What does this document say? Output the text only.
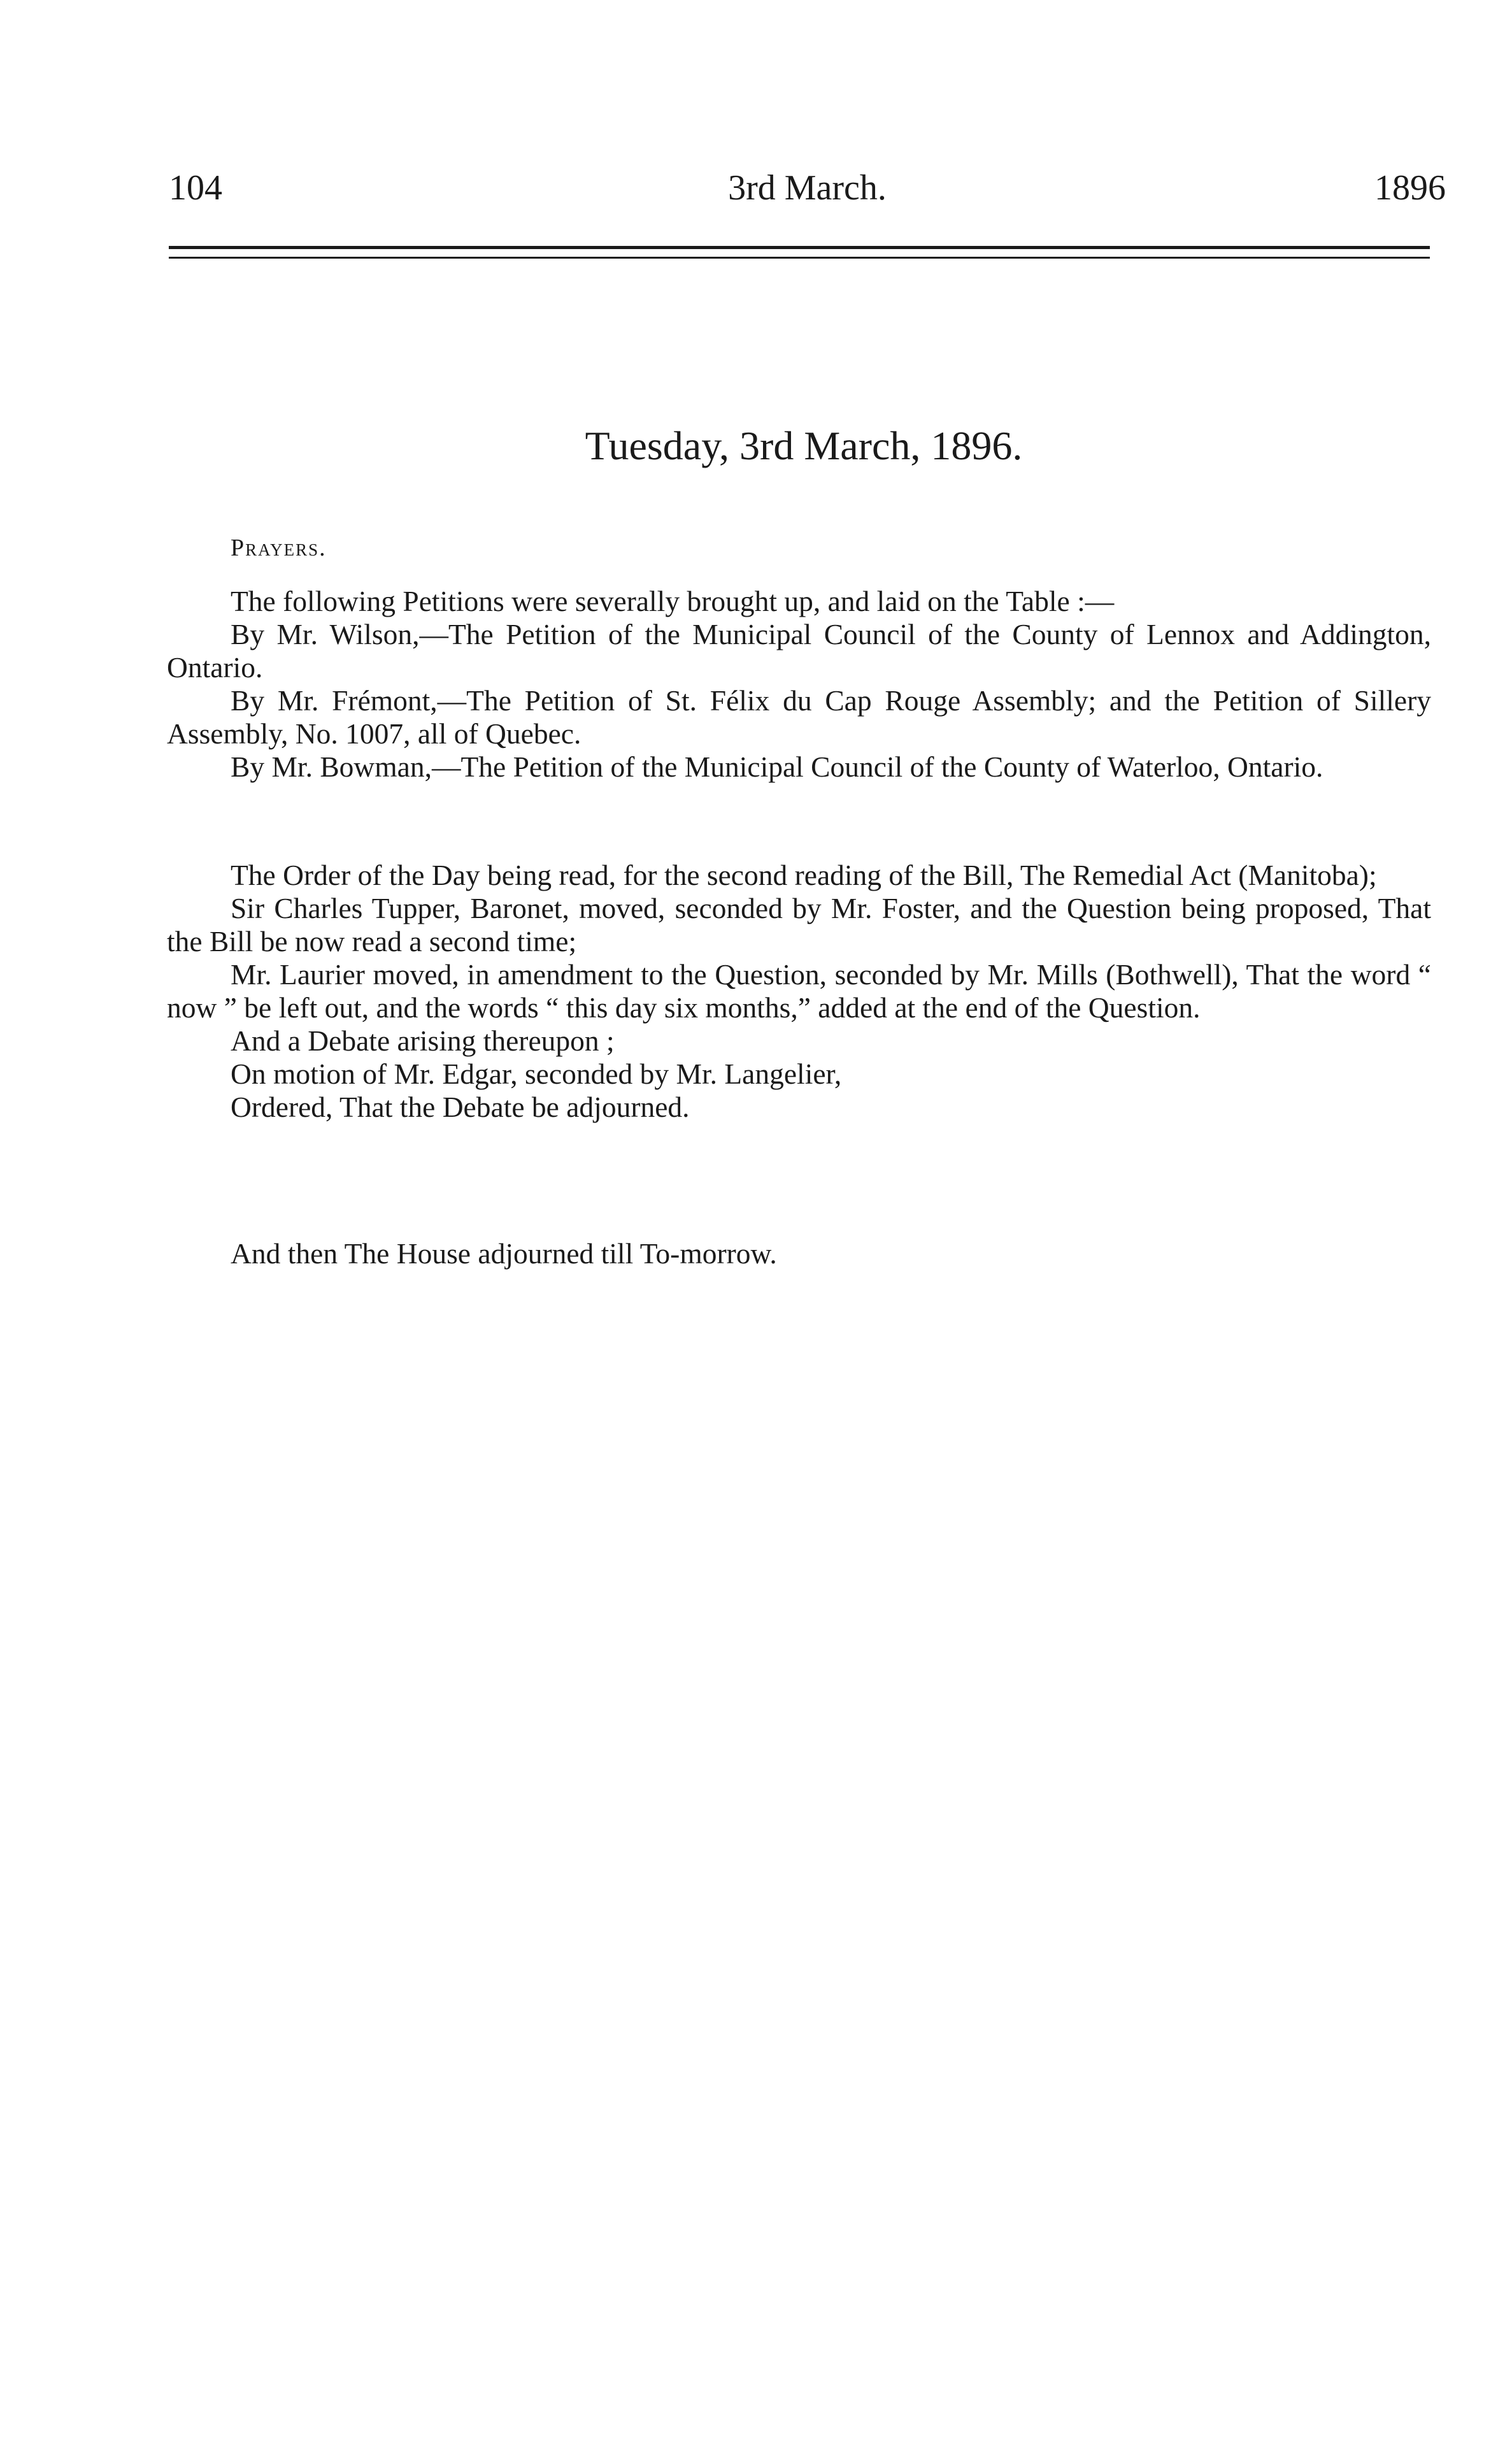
3rd March.
104	1896
Tuesday, 3rd March, 1896.
Prayers.

The following Petitions were severally brought up, and laid on the Table :—

By Mr. Wilson,—The Petition of the Municipal Council of the County of Lennox and Addington, Ontario.

By Mr. Frémont,—The Petition of St. Félix du Cap Rouge Assembly; and the Petition of Sillery Assembly, No. 1007, all of Quebec.

By Mr. Bowman,—The Petition of the Municipal Council of the County of Waterloo, Ontario.

The Order of the Day being read, for the second reading of the Bill, The Remedial Act (Manitoba);

Sir Charles Tupper, Baronet, moved, seconded by Mr. Foster, and the Question being proposed, That the Bill be now read a second time;

Mr. Laurier moved, in amendment to the Question, seconded by Mr. Mills (Bothwell), That the word “ now ” be left out, and the words “ this day six months,” added at the end of the Question.

And a Debate arising thereupon ;

On motion of Mr. Edgar, seconded by Mr. Langelier,

Ordered, That the Debate be adjourned.

And then The House adjourned till To-morrow.
